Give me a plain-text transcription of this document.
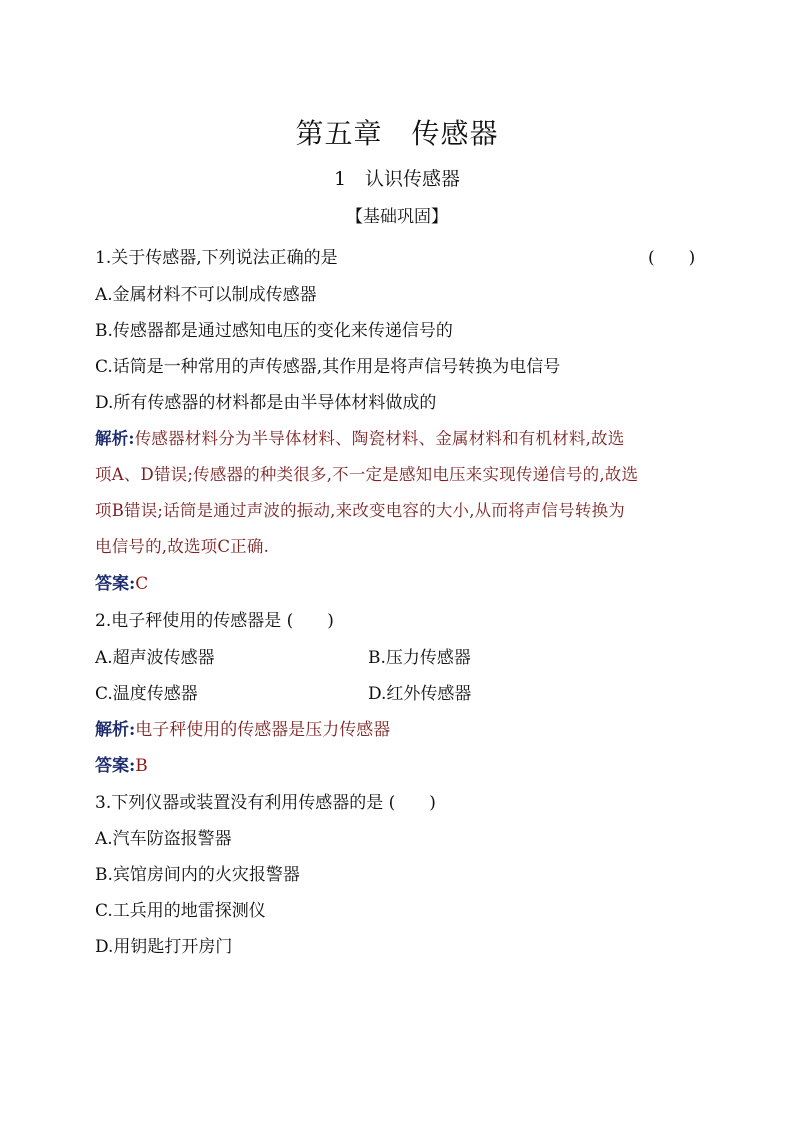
第五章　传感器
1　认识传感器
【基础巩固】
1.关于传感器,下列说法正确的是	(　　)
A.金属材料不可以制成传感器
B.传感器都是通过感知电压的变化来传递信号的
C.话筒是一种常用的声传感器,其作用是将声信号转换为电信号
D.所有传感器的材料都是由半导体材料做成的
解析:传感器材料分为半导体材料、陶瓷材料、金属材料和有机材料,故选
项A、D错误;传感器的种类很多,不一定是感知电压来实现传递信号的,故选
项B错误;话筒是通过声波的振动,来改变电容的大小,从而将声信号转换为
电信号的,故选项C正确.
答案:C
2.电子秤使用的传感器是 (　　)
A.超声波传感器	B.压力传感器
C.温度传感器	D.红外传感器
解析:电子秤使用的传感器是压力传感器
答案:B
3.下列仪器或装置没有利用传感器的是 (　　)
A.汽车防盗报警器
B.宾馆房间内的火灾报警器
C.工兵用的地雷探测仪
D.用钥匙打开房门
